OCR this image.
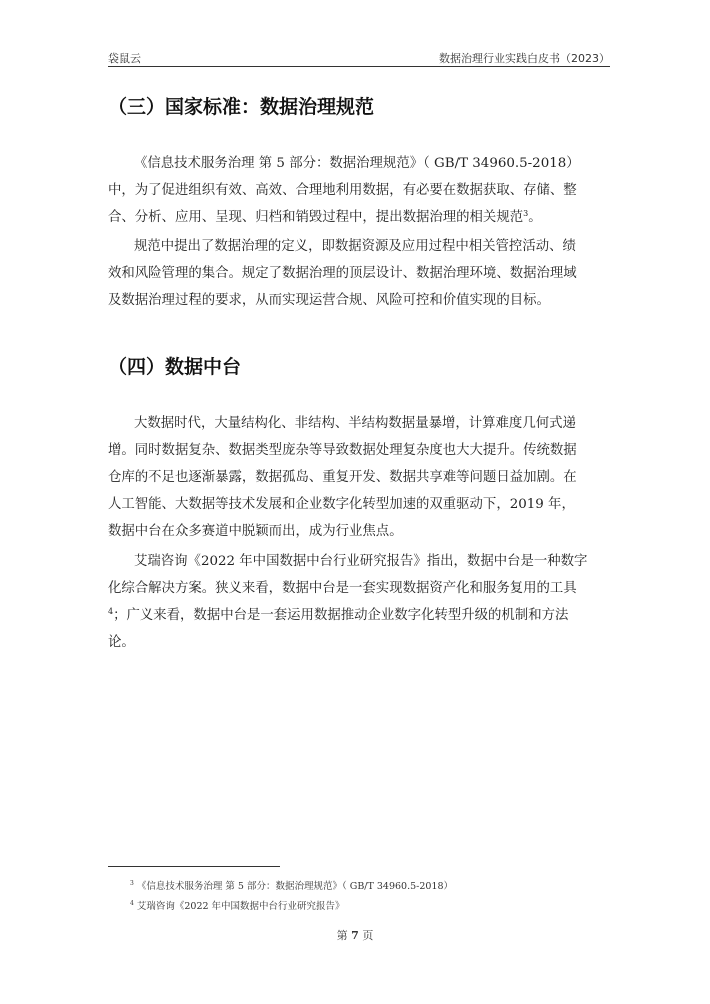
袋鼠云	数据治理行业实践白皮书（2023）
（三）国家标准：数据治理规范
《信息技术服务治理 第 5 部分：数据治理规范》（ GB/T 34960.5-2018）
中，为了促进组织有效、高效、合理地利用数据，有必要在数据获取、存储、整
合、分析、应用、呈现、归档和销毁过程中，提出数据治理的相关规范$^3$。
规范中提出了数据治理的定义，即数据资源及应用过程中相关管控活动、绩
效和风险管理的集合。规定了数据治理的顶层设计、数据治理环境、数据治理域
及数据治理过程的要求，从而实现运营合规、风险可控和价值实现的目标。
（四）数据中台
大数据时代，大量结构化、非结构、半结构数据量暴增，计算难度几何式递
增。同时数据复杂、数据类型庞杂等导致数据处理复杂度也大大提升。传统数据
仓库的不足也逐渐暴露，数据孤岛、重复开发、数据共享难等问题日益加剧。在
人工智能、大数据等技术发展和企业数字化转型加速的双重驱动下，2019 年，
数据中台在众多赛道中脱颖而出，成为行业焦点。
艾瑞咨询《2022 年中国数据中台行业研究报告》指出，数据中台是一种数字
化综合解决方案。狭义来看，数据中台是一套实现数据资产化和服务复用的工具
$^4$；广义来看，数据中台是一套运用数据推动企业数字化转型升级的机制和方法
论。
$^3$ 《信息技术服务治理 第 5 部分：数据治理规范》（ GB/T 34960.5-2018）
$^4$ 艾瑞咨询《2022 年中国数据中台行业研究报告》
第 7 页
